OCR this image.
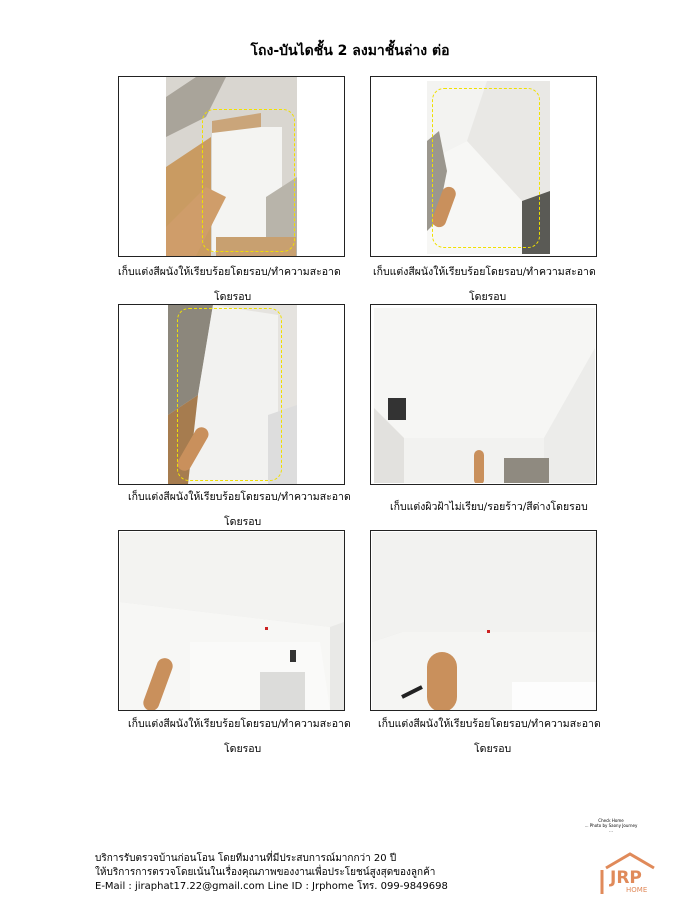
โถง-บันไดชั้น 2 ลงมาชั้นล่าง ต่อ
เก็บแต่งสีผนังให้เรียบร้อยโดยรอบ/ทำความสะอาด
โดยรอบ
เก็บแต่งสีผนังให้เรียบร้อยโดยรอบ/ทำความสะอาด
โดยรอบ
เก็บแต่งสีผนังให้เรียบร้อยโดยรอบ/ทำความสะอาด
โดยรอบ
เก็บแต่งผิวฝ้าไม่เรียบ/รอยร้าว/สีด่างโดยรอบ
เก็บแต่งสีผนังให้เรียบร้อยโดยรอบ/ทำความสะอาด
โดยรอบ
เก็บแต่งสีผนังให้เรียบร้อยโดยรอบ/ทำความสะอาด
โดยรอบ
Check Home
... Photo by Saony Journey ...
บริการรับตรวจบ้านก่อนโอน โดยทีมงานที่มีประสบการณ์มากกว่า 20 ปี
ให้บริการการตรวจโดยเน้นในเรื่องคุณภาพของงานเพื่อประโยชน์สูงสุดของลูกค้า
E-Mail : jiraphat17.22@gmail.com Line ID : Jrphome โทร. 099-9849698	JRP
HOME
